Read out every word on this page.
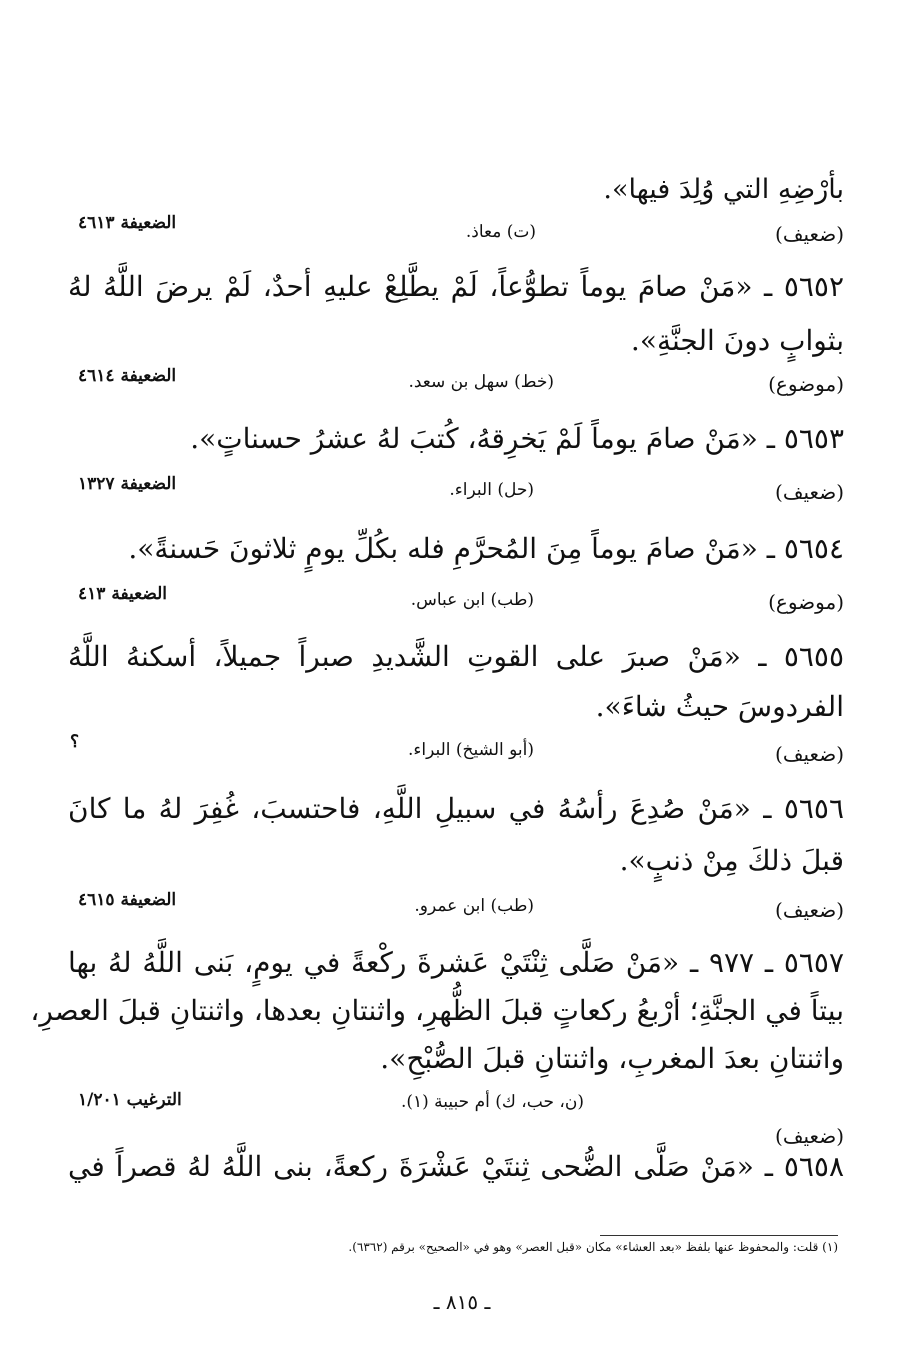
بأرْضِهِ التي وُلِدَ فيها».
(ضعيف)
(ت) معاذ.
الضعيفة ٤٦١٣
٥٦٥٢ ـ «مَنْ صامَ يوماً تطوُّعاً، لَمْ يطَّلِعْ عليهِ أحدٌ، لَمْ يرضَ اللَّهُ لهُ
بثوابٍ دونَ الجنَّةِ».
(موضوع)
(خط) سهل بن سعد.
الضعيفة ٤٦١٤
٥٦٥٣ ـ «مَنْ صامَ يوماً لَمْ يَخرِقهُ، كُتبَ لهُ عشرُ حسناتٍ».
(ضعيف)
(حل) البراء.
الضعيفة ١٣٢٧
٥٦٥٤ ـ «مَنْ صامَ يوماً مِنَ المُحرَّمِ فله بكُلِّ يومٍ ثلاثونَ حَسنةً».
(موضوع)
(طب) ابن عباس.
الضعيفة ٤١٣
٥٦٥٥ ـ «مَنْ صبرَ على القوتِ الشَّديدِ صبراً جميلاً، أسكنهُ اللَّهُ
الفردوسَ حيثُ شاءَ».
(ضعيف)
(أبو الشيخ) البراء.
؟
٥٦٥٦ ـ «مَنْ صُدِعَ رأسُهُ في سبيلِ اللَّهِ، فاحتسبَ، غُفِرَ لهُ ما كانَ
قبلَ ذلكَ مِنْ ذنبٍ».
(ضعيف)
(طب) ابن عمرو.
الضعيفة ٤٦١٥
٥٦٥٧ ـ ٩٧٧ ـ «مَنْ صَلَّى ثِنْتَيْ عَشرةَ ركْعةً في يومٍ، بَنى اللَّهُ لهُ بها
بيتاً في الجنَّةِ؛ أرْبعُ ركعاتٍ قبلَ الظُّهرِ، واثنتانِ بعدها، واثنتانِ قبلَ العصرِ،
واثنتانِ بعدَ المغربِ، واثنتانِ قبلَ الصُّبْحِ».
(ضعيف)
(ن، حب، ك) أم حبيبة (١).
الترغيب ١/٢٠١
٥٦٥٨ ـ «مَنْ صَلَّى الضُّحى ثِنتَيْ عَشْرَةَ ركعةً، بنى اللَّهُ لهُ قصراً في
(١) قلت: والمحفوظ عنها بلفظ «بعد العشاء» مكان «قبل العصر» وهو في «الصحيح» برقم (٦٣٦٢).
ـ ٨١٥ ـ
